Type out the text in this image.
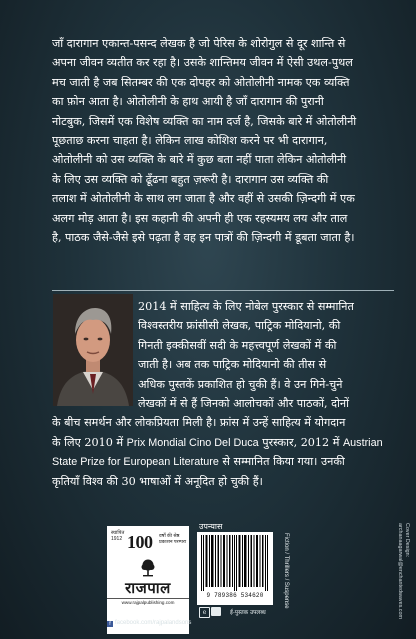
जाँ दारागान एकान्त-पसन्द लेखक है जो पेरिस के शोरोगुल से दूर शान्ति से
अपना जीवन व्यतीत कर रहा है। उसके शान्तिमय जीवन में ऐसी उथल-पुथल
मच जाती है जब सितम्बर की एक दोपहर को ओतोलीनी नामक एक व्यक्ति
का फ़ोन आता है। ओतोलीनी के हाथ आयी है जाँ दारागान की पुरानी
नोटबुक, जिसमें एक विशेष व्यक्ति का नाम दर्ज है, जिसके बारे में ओतोलीनी
पूछताछ करना चाहता है। लेकिन लाख कोशिश करने पर भी दारागान,
ओतोलीनी को उस व्यक्ति के बारे में कुछ बता नहीं पाता लेकिन ओतोलीनी
के लिए उस व्यक्ति को ढूँढना बहुत ज़रूरी है। दारागान उस व्यक्ति की
तलाश में ओतोलीनी के साथ लग जाता है और वहीं से उसकी ज़िन्दगी में एक
अलग मोड़ आता है। इस कहानी की अपनी ही एक रहस्यमय लय और ताल
है, पाठक जैसे-जैसे इसे पढ़ता है वह इन पात्रों की ज़िन्दगी में डूबता जाता है।
2014 में साहित्य के लिए नोबेल पुरस्कार से सम्मानित
विश्वस्तरीय फ्रांसीसी लेखक, पाट्रिक मोदियानो, की
गिनती इक्कीसवीं सदी के महत्त्वपूर्ण लेखकों में की
जाती है। अब तक पाट्रिक मोदियानो की तीस से
अधिक पुस्तकें प्रकाशित हो चुकी हैं। वे उन गिने-चुने
लेखकों में से हैं जिनको आलोचकों और पाठकों, दोनों
के बीच समर्थन और लोकप्रियता मिली है। फ्रांस में उन्हें साहित्य में योगदान
के लिए 2010 में Prix Mondial Cino Del Duca पुरस्कार, 2012 में Austrian
State Prize for European Literature से सम्मानित किया गया। उनकी
कृतियाँ विश्व की 30 भाषाओं में अनूदित हो चुकी हैं।
Cover Design:
archanaagarwal@enchantedwaves.com
स्थापित 1912 100 वर्षों की श्रेष्ठ प्रकाशन परम्परा
राजपाल
www.rajpalpublishing.com
f facebook.com/rajpalandsons
उपन्यास
9 789386 534620	Fiction / Thrillers / Suspense
e	ई-पुस्तक उपलब्ध
